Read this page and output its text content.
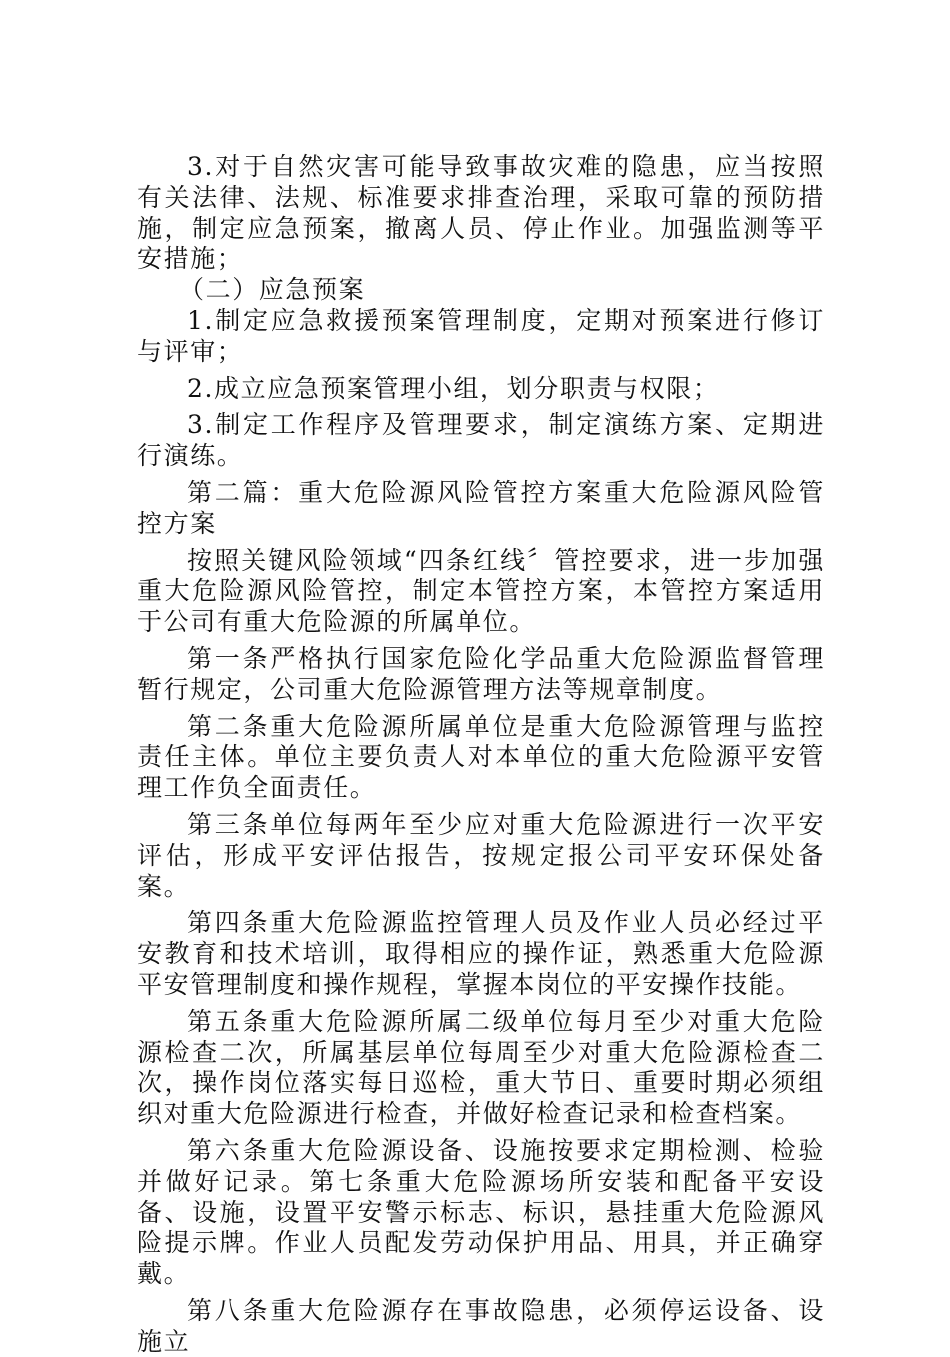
3.对于自然灾害可能导致事故灾难的隐患，应当按照有关法律、法规、标准要求排查治理，采取可靠的预防措施，制定应急预案，撤离人员、停止作业。加强监测等平安措施；

（二）应急预案

1.制定应急救援预案管理制度，定期对预案进行修订与评审；

2.成立应急预案管理小组，划分职责与权限；

3.制定工作程序及管理要求，制定演练方案、定期进行演练。

第二篇：重大危险源风险管控方案重大危险源风险管控方案

按照关键风险领域“四条红线〞管控要求，进一步加强重大危险源风险管控，制定本管控方案，本管控方案适用于公司有重大危险源的所属单位。

第一条严格执行国家危险化学品重大危险源监督管理暂行规定，公司重大危险源管理方法等规章制度。

第二条重大危险源所属单位是重大危险源管理与监控责任主体。单位主要负责人对本单位的重大危险源平安管理工作负全面责任。

第三条单位每两年至少应对重大危险源进行一次平安评估，形成平安评估报告，按规定报公司平安环保处备案。

第四条重大危险源监控管理人员及作业人员必经过平安教育和技术培训，取得相应的操作证，熟悉重大危险源平安管理制度和操作规程，掌握本岗位的平安操作技能。

第五条重大危险源所属二级单位每月至少对重大危险源检查二次，所属基层单位每周至少对重大危险源检查二次，操作岗位落实每日巡检，重大节日、重要时期必须组织对重大危险源进行检查，并做好检查记录和检查档案。

第六条重大危险源设备、设施按要求定期检测、检验并做好记录。第七条重大危险源场所安装和配备平安设备、设施，设置平安警示标志、标识，悬挂重大危险源风险提示牌。作业人员配发劳动保护用品、用具，并正确穿戴。

第八条重大危险源存在事故隐患，必须停运设备、设施立
